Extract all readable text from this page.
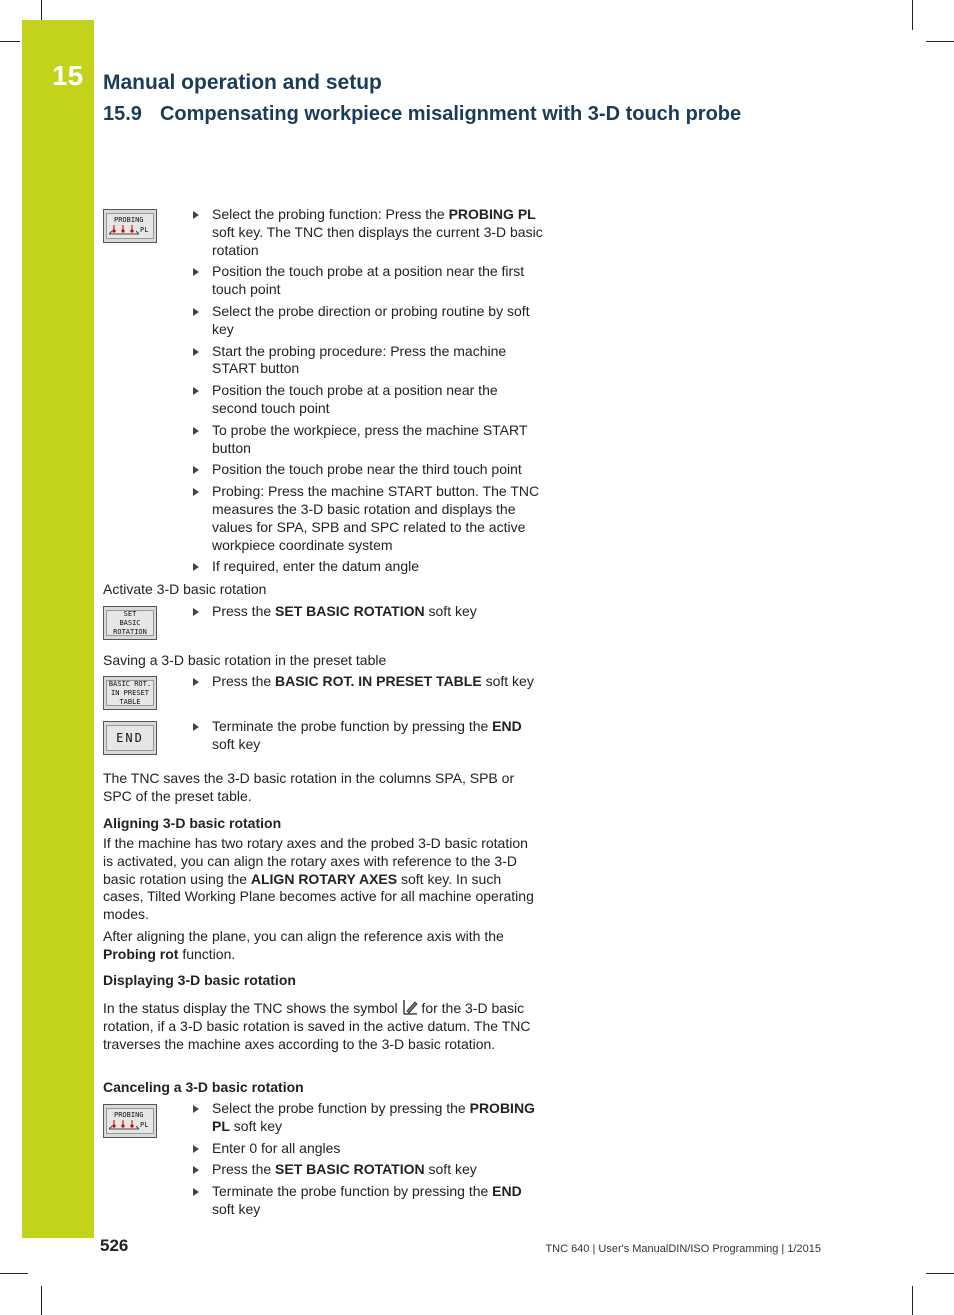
15 Manual operation and setup
15.9 Compensating workpiece misalignment with 3-D touch probe
PROBING
PL
Select the probing function: Press the PROBING PL soft key. The TNC then displays the current 3-D basic rotation
Position the touch probe at a position near the first touch point
Select the probe direction or probing routine by soft key
Start the probing procedure: Press the machine START button
Position the touch probe at a position near the second touch point
To probe the workpiece, press the machine START button
Position the touch probe near the third touch point
Probing: Press the machine START button. The TNC measures the 3-D basic rotation and displays the values for SPA, SPB and SPC related to the active workpiece coordinate system
If required, enter the datum angle

Activate 3-D basic rotation

SET
BASIC
ROTATION
Press the SET BASIC ROTATION soft key

Saving a 3-D basic rotation in the preset table

BASIC ROT.
IN PRESET
TABLE
Press the BASIC ROT. IN PRESET TABLE soft key
END
Terminate the probe function by pressing the END soft key

The TNC saves the 3-D basic rotation in the columns SPA, SPB or SPC of the preset table.

Aligning 3-D basic rotation

If the machine has two rotary axes and the probed 3-D basic rotation is activated, you can align the rotary axes with reference to the 3-D basic rotation using the ALIGN ROTARY AXES soft key. In such cases, Tilted Working Plane becomes active for all machine operating modes.

After aligning the plane, you can align the reference axis with the Probing rot function.

Displaying 3-D basic rotation

In the status display the TNC shows the symbol  for the 3-D basic rotation, if a 3-D basic rotation is saved in the active datum. The TNC traverses the machine axes according to the 3-D basic rotation.

Canceling a 3-D basic rotation

PROBING
PL
Select the probe function by pressing the PROBING PL soft key
Enter 0 for all angles
Press the SET BASIC ROTATION soft key
Terminate the probe function by pressing the END soft key
526	TNC 640 | User's ManualDIN/ISO Programming | 1/2015
